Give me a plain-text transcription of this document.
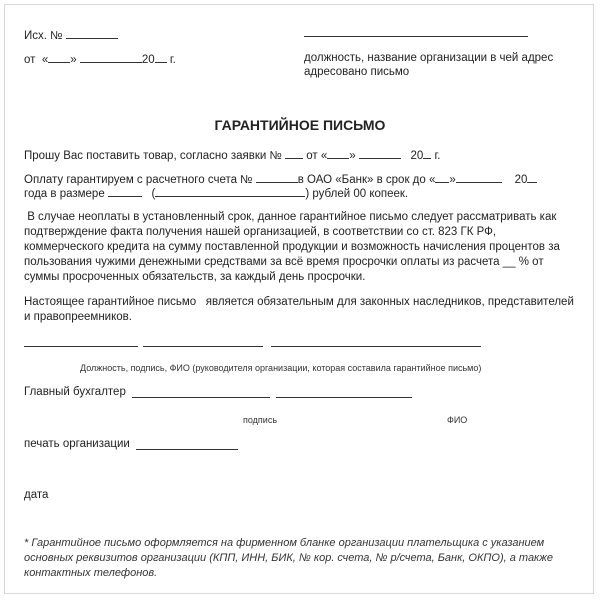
Исх. №
от « »	20 г.	должность, название организации в чей адрес
адресовано письмо
ГАРАНТИЙНОЕ ПИСЬМО
Прошу Вас поставить товар, согласно заявки № от « »	20 г.
Оплату гарантируем с расчетного счета №	в ОАО «Банк» в срок до « »	20
года в размере	(	) рублей 00 копеек.
В случае неоплаты в установленный срок, данное гарантийное письмо следует рассматривать как
подтверждение факта получения нашей организацией, в соответствии со ст. 823 ГК РФ,
коммерческого кредита на сумму поставленной продукции и возможность начисления процентов за
пользования чужими денежными средствами за всё время просрочки оплаты из расчета __ % от
суммы просроченных обязательств, за каждый день просрочки.
Настоящее гарантийное письмо   является обязательным для законных наследников, представителей
и правопреемников.
Должность, подпись, ФИО (руководителя организации, которая составила гарантийное письмо)
Главный бухгалтер
подпись	ФИО
печать организации
дата
* Гарантийное письмо оформляется на фирменном бланке организации плательщика с указанием основных реквизитов организации (КПП, ИНН, БИК, № кор. счета, № р/счета, Банк, ОКПО), а также контактных телефонов.
